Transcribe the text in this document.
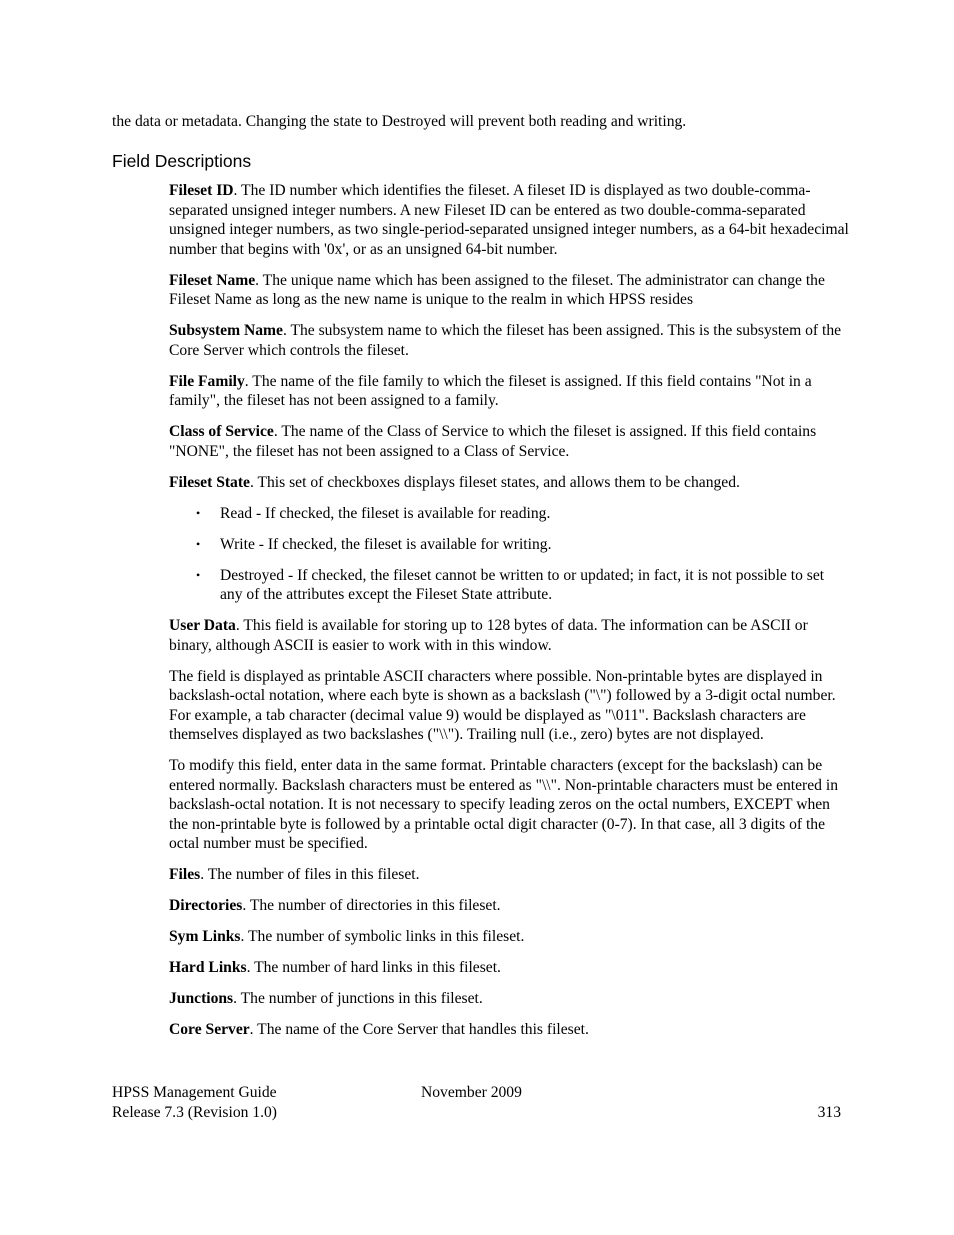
the data or metadata. Changing the state to Destroyed will prevent both reading and writing.

Field Descriptions

Fileset ID. The ID number which identifies the fileset. A fileset ID is displayed as two double-comma-separated unsigned integer numbers. A new Fileset ID can be entered as two double-comma-separated unsigned integer numbers, as two single-period-separated unsigned integer numbers, as a 64-bit hexadecimal number that begins with '0x', or as an unsigned 64-bit number.

Fileset Name. The unique name which has been assigned to the fileset. The administrator can change the Fileset Name as long as the new name is unique to the realm in which HPSS resides

Subsystem Name. The subsystem name to which the fileset has been assigned. This is the subsystem of the Core Server which controls the fileset.

File Family. The name of the file family to which the fileset is assigned. If this field contains "Not in a family", the fileset has not been assigned to a family.

Class of Service. The name of the Class of Service to which the fileset is assigned. If this field contains "NONE", the fileset has not been assigned to a Class of Service.

Fileset State. This set of checkboxes displays fileset states, and allows them to be changed.

• Read - If checked, the fileset is available for reading.
• Write - If checked, the fileset is available for writing.
• Destroyed - If checked, the fileset cannot be written to or updated; in fact, it is not possible to set any of the attributes except the Fileset State attribute.

User Data. This field is available for storing up to 128 bytes of data. The information can be ASCII or binary, although ASCII is easier to work with in this window.

The field is displayed as printable ASCII characters where possible. Non-printable bytes are displayed in backslash-octal notation, where each byte is shown as a backslash ("\") followed by a 3-digit octal number. For example, a tab character (decimal value 9) would be displayed as "\011". Backslash characters are themselves displayed as two backslashes ("\\"). Trailing null (i.e., zero) bytes are not displayed.

To modify this field, enter data in the same format. Printable characters (except for the backslash) can be entered normally. Backslash characters must be entered as "\\". Non-printable characters must be entered in backslash-octal notation. It is not necessary to specify leading zeros on the octal numbers, EXCEPT when the non-printable byte is followed by a printable octal digit character (0-7). In that case, all 3 digits of the octal number must be specified.

Files. The number of files in this fileset.

Directories. The number of directories in this fileset.

Sym Links. The number of symbolic links in this fileset.

Hard Links. The number of hard links in this fileset.

Junctions. The number of junctions in this fileset.

Core Server. The name of the Core Server that handles this fileset.

HPSS Management Guide
Release 7.3 (Revision 1.0)
November 2009
313
